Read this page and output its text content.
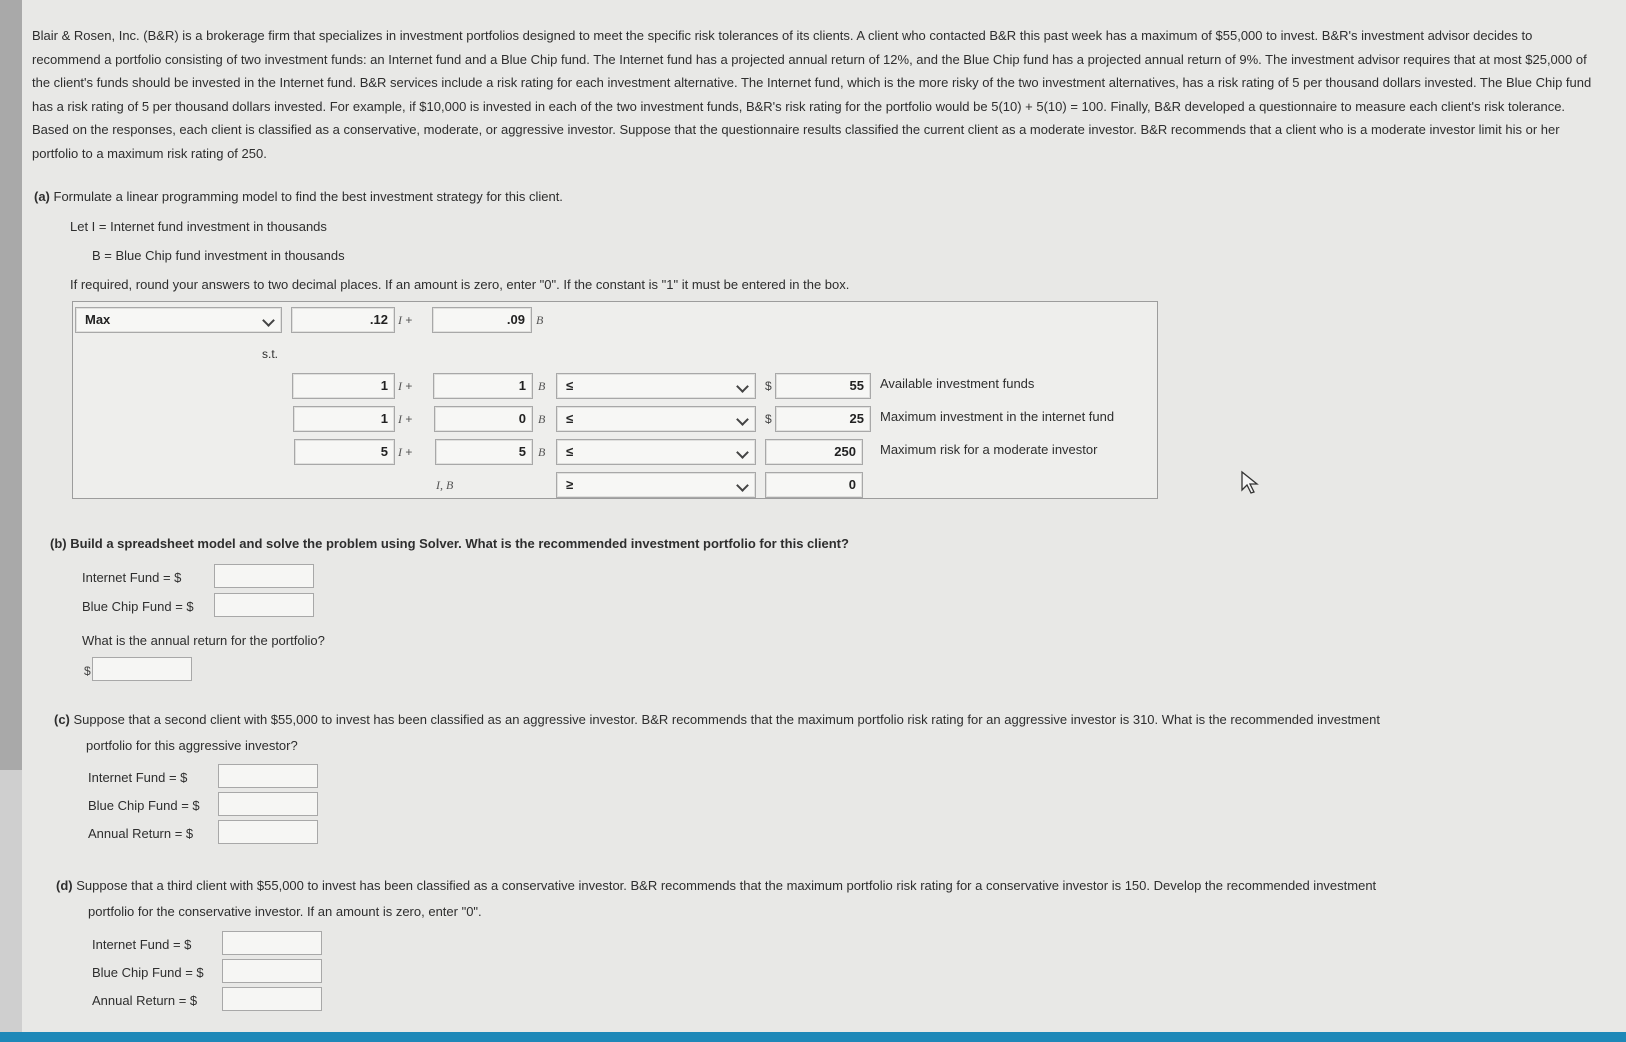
Blair & Rosen, Inc. (B&R) is a brokerage firm that specializes in investment portfolios designed to meet the specific risk tolerances of its clients. A client who contacted B&R this past week has a maximum of $55,000 to invest. B&R's investment advisor decides to recommend a portfolio consisting of two investment funds: an Internet fund and a Blue Chip fund. The Internet fund has a projected annual return of 12%, and the Blue Chip fund has a projected annual return of 9%. The investment advisor requires that at most $25,000 of the client's funds should be invested in the Internet fund. B&R services include a risk rating for each investment alternative. The Internet fund, which is the more risky of the two investment alternatives, has a risk rating of 5 per thousand dollars invested. The Blue Chip fund has a risk rating of 5 per thousand dollars invested. For example, if $10,000 is invested in each of the two investment funds, B&R's risk rating for the portfolio would be 5(10) + 5(10) = 100. Finally, B&R developed a questionnaire to measure each client's risk tolerance. Based on the responses, each client is classified as a conservative, moderate, or aggressive investor. Suppose that the questionnaire results classified the current client as a moderate investor. B&R recommends that a client who is a moderate investor limit his or her portfolio to a maximum risk rating of 250.
(a) Formulate a linear programming model to find the best investment strategy for this client.
Let I = Internet fund investment in thousands
B = Blue Chip fund investment in thousands
If required, round your answers to two decimal places. If an amount is zero, enter "0". If the constant is "1" it must be entered in the box.
Max	.12 I +	.09 B
s.t.
1 I +	1	B	≤	$	55	Available investment funds
1 I +	0	B	≤	$	25	Maximum investment in the internet fund
5 I +	5	B	≤	250	Maximum risk for a moderate investor
I, B	≥	0
(b) Build a spreadsheet model and solve the problem using Solver. What is the recommended investment portfolio for this client?
Internet Fund = $
Blue Chip Fund = $
What is the annual return for the portfolio?
$
(c) Suppose that a second client with $55,000 to invest has been classified as an aggressive investor. B&R recommends that the maximum portfolio risk rating for an aggressive investor is 310. What is the recommended investment
portfolio for this aggressive investor?
Internet Fund = $
Blue Chip Fund = $
Annual Return = $
(d) Suppose that a third client with $55,000 to invest has been classified as a conservative investor. B&R recommends that the maximum portfolio risk rating for a conservative investor is 150. Develop the recommended investment
portfolio for the conservative investor. If an amount is zero, enter "0".
Internet Fund = $
Blue Chip Fund = $
Annual Return = $
